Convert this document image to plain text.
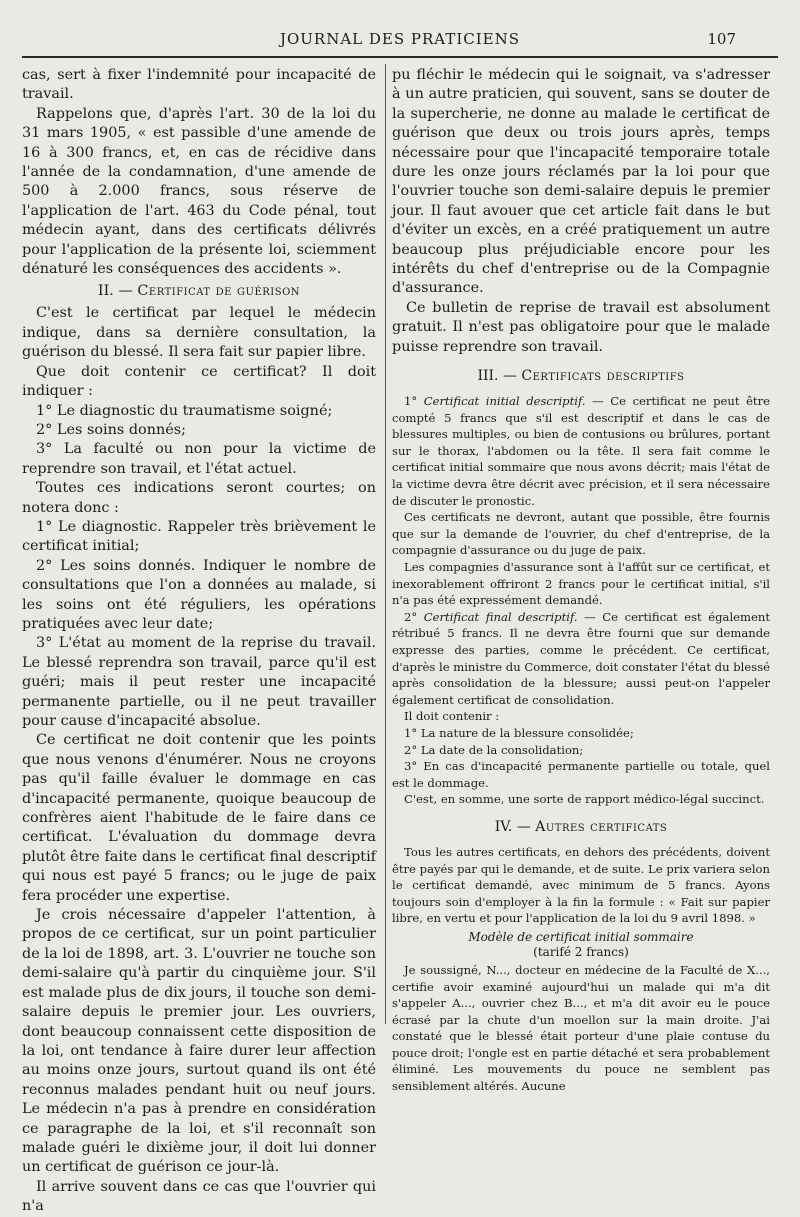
JOURNAL DES PRATICIENS	107

cas, sert à fixer l'indemnité pour incapacité de travail.

Rappelons que, d'après l'art. 30 de la loi du 31 mars 1905, « est passible d'une amende de 16 à 300 francs, et, en cas de récidive dans l'année de la condamnation, d'une amende de 500 à 2.000 francs, sous réserve de l'application de l'art. 463 du Code pénal, tout médecin ayant, dans des certificats délivrés pour l'application de la présente loi, sciemment dénaturé les conséquences des accidents ».

II. — Certificat de guérison

C'est le certificat par lequel le médecin indique, dans sa dernière consultation, la guérison du blessé. Il sera fait sur papier libre.

Que doit contenir ce certificat? Il doit indiquer :

1° Le diagnostic du traumatisme soigné;

2° Les soins donnés;

3° La faculté ou non pour la victime de reprendre son travail, et l'état actuel.

Toutes ces indications seront courtes; on notera donc :

1° Le diagnostic. Rappeler très brièvement le certificat initial;

2° Les soins donnés. Indiquer le nombre de consultations que l'on a données au malade, si les soins ont été réguliers, les opérations pratiquées avec leur date;

3° L'état au moment de la reprise du travail. Le blessé reprendra son travail, parce qu'il est guéri; mais il peut rester une incapacité permanente partielle, ou il ne peut travailler pour cause d'incapacité absolue.

Ce certificat ne doit contenir que les points que nous venons d'énumérer. Nous ne croyons pas qu'il faille évaluer le dommage en cas d'incapacité permanente, quoique beaucoup de confrères aient l'habitude de le faire dans ce certificat. L'évaluation du dommage devra plutôt être faite dans le certificat final descriptif qui nous est payé 5 francs; ou le juge de paix fera procéder une expertise.

Je crois nécessaire d'appeler l'attention, à propos de ce certificat, sur un point particulier de la loi de 1898, art. 3. L'ouvrier ne touche son demi-salaire qu'à partir du cinquième jour. S'il est malade plus de dix jours, il touche son demi-salaire depuis le premier jour. Les ouvriers, dont beaucoup connaissent cette disposition de la loi, ont tendance à faire durer leur affection au moins onze jours, surtout quand ils ont été reconnus malades pendant huit ou neuf jours. Le médecin n'a pas à prendre en considération ce paragraphe de la loi, et s'il reconnaît son malade guéri le dixième jour, il doit lui donner un certificat de guérison ce jour-là.

Il arrive souvent dans ce cas que l'ouvrier qui n'a

pu fléchir le médecin qui le soignait, va s'adresser à un autre praticien, qui souvent, sans se douter de la supercherie, ne donne au malade le certificat de guérison que deux ou trois jours après, temps nécessaire pour que l'incapacité temporaire totale dure les onze jours réclamés par la loi pour que l'ouvrier touche son demi-salaire depuis le premier jour. Il faut avouer que cet article fait dans le but d'éviter un excès, en a créé pratiquement un autre beaucoup plus préjudiciable encore pour les intérêts du chef d'entreprise ou de la Compagnie d'assurance.

Ce bulletin de reprise de travail est absolument gratuit. Il n'est pas obligatoire pour que le malade puisse reprendre son travail.

III. — Certificats descriptifs

1° Certificat initial descriptif. — Ce certificat ne peut être compté 5 francs que s'il est descriptif et dans le cas de blessures multiples, ou bien de contusions ou brûlures, portant sur le thorax, l'abdomen ou la tête. Il sera fait comme le certificat initial sommaire que nous avons décrit; mais l'état de la victime devra être décrit avec précision, et il sera nécessaire de discuter le pronostic.

Ces certificats ne devront, autant que possible, être fournis que sur la demande de l'ouvrier, du chef d'entreprise, de la compagnie d'assurance ou du juge de paix.

Les compagnies d'assurance sont à l'affût sur ce certificat, et inexorablement offriront 2 francs pour le certificat initial, s'il n'a pas été expressément demandé.

2° Certificat final descriptif. — Ce certificat est également rétribué 5 francs. Il ne devra être fourni que sur demande expresse des parties, comme le précédent. Ce certificat, d'après le ministre du Commerce, doit constater l'état du blessé après consolidation de la blessure; aussi peut-on l'appeler également certificat de consolidation.

Il doit contenir :

1° La nature de la blessure consolidée;

2° La date de la consolidation;

3° En cas d'incapacité permanente partielle ou totale, quel est le dommage.

C'est, en somme, une sorte de rapport médico-légal succinct.

IV. — Autres certificats

Tous les autres certificats, en dehors des précédents, doivent être payés par qui le demande, et de suite. Le prix variera selon le certificat demandé, avec minimum de 5 francs. Ayons toujours soin d'employer à la fin la formule : « Fait sur papier libre, en vertu et pour l'application de la loi du 9 avril 1898. »

Modèle de certificat initial sommaire
(tarifé 2 francs)

Je soussigné, N..., docteur en médecine de la Faculté de X..., certifie avoir examiné aujourd'hui un malade qui m'a dit s'appeler A..., ouvrier chez B..., et m'a dit avoir eu le pouce écrasé par la chute d'un moellon sur la main droite. J'ai constaté que le blessé était porteur d'une plaie contuse du pouce droit; l'ongle est en partie détaché et sera probablement éliminé. Les mouvements du pouce ne semblent pas sensiblement altérés. Aucune
